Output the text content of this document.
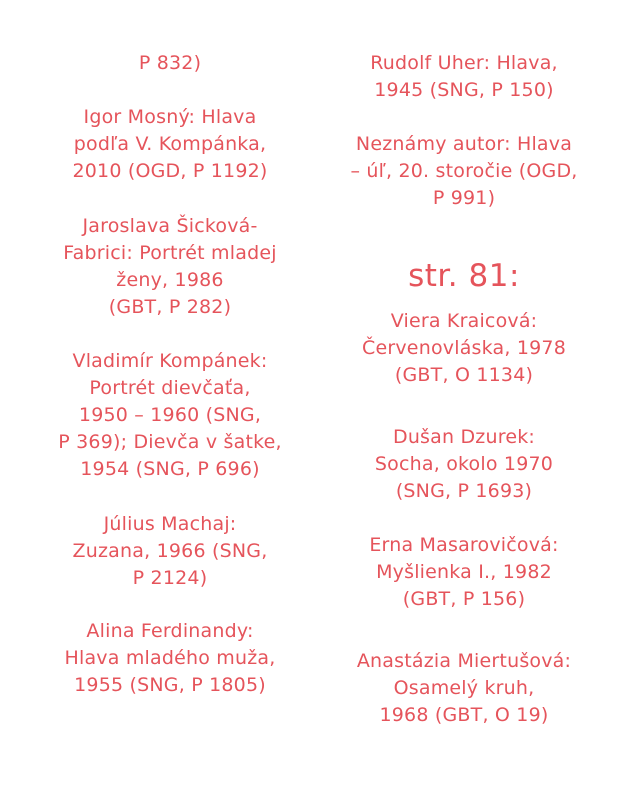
P 832)
Igor Mosný: Hlava
podľa V. Kompánka,
2010 (OGD, P 1192)
Jaroslava Šicková-
Fabrici: Portrét mladej
ženy, 1986
(GBT, P 282)
Vladimír Kompánek:
Portrét dievčaťa,
1950 – 1960 (SNG,
P 369); Dievča v šatke,
1954 (SNG, P 696)
Július Machaj:
Zuzana, 1966 (SNG,
P 2124)
Alina Ferdinandy:
Hlava mladého muža,
1955 (SNG, P 1805)
Rudolf Uher: Hlava,
1945 (SNG, P 150)
Neznámy autor: Hlava
– úľ, 20. storočie (OGD,
P 991)
str. 81:
Viera Kraicová:
Červenovláska, 1978
(GBT, O 1134)
Dušan Dzurek:
Socha, okolo 1970
(SNG, P 1693)
Erna Masarovičová:
Myšlienka I., 1982
(GBT, P 156)
Anastázia Miertušová:
Osamelý kruh,
1968 (GBT, O 19)
